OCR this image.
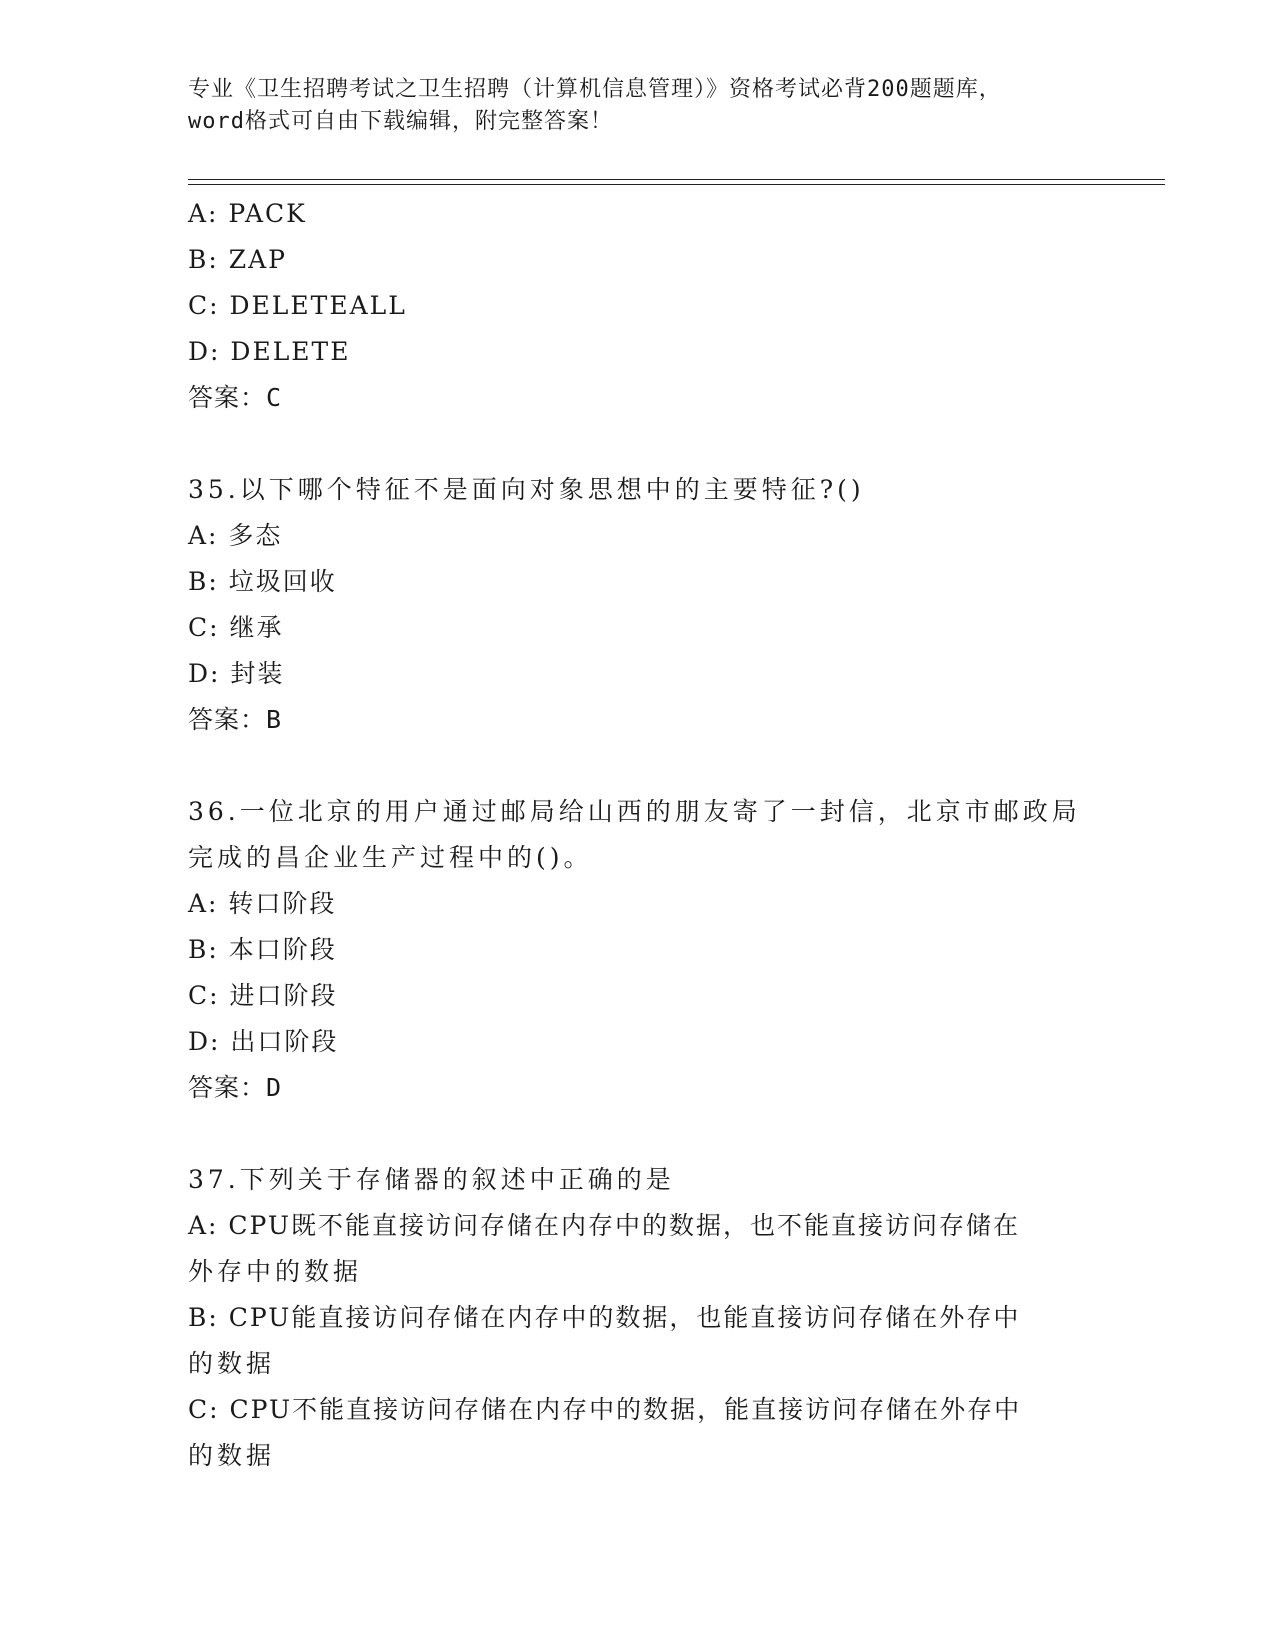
专业《卫生招聘考试之卫生招聘（计算机信息管理）》资格考试必背200题题库，
word格式可自由下载编辑，附完整答案！
A: PACK
B: ZAP
C: DELETEALL
D: DELETE
答案：C
35.以下哪个特征不是面向对象思想中的主要特征?()
A: 多态
B: 垃圾回收
C: 继承
D: 封装
答案：B
36.一位北京的用户通过邮局给山西的朋友寄了一封信，北京市邮政局
完成的昌企业生产过程中的()。
A: 转口阶段
B: 本口阶段
C: 进口阶段
D: 出口阶段
答案：D
37.下列关于存储器的叙述中正确的是
A: CPU既不能直接访问存储在内存中的数据，也不能直接访问存储在
外存中的数据
B: CPU能直接访问存储在内存中的数据，也能直接访问存储在外存中
的数据
C: CPU不能直接访问存储在内存中的数据，能直接访问存储在外存中
的数据
